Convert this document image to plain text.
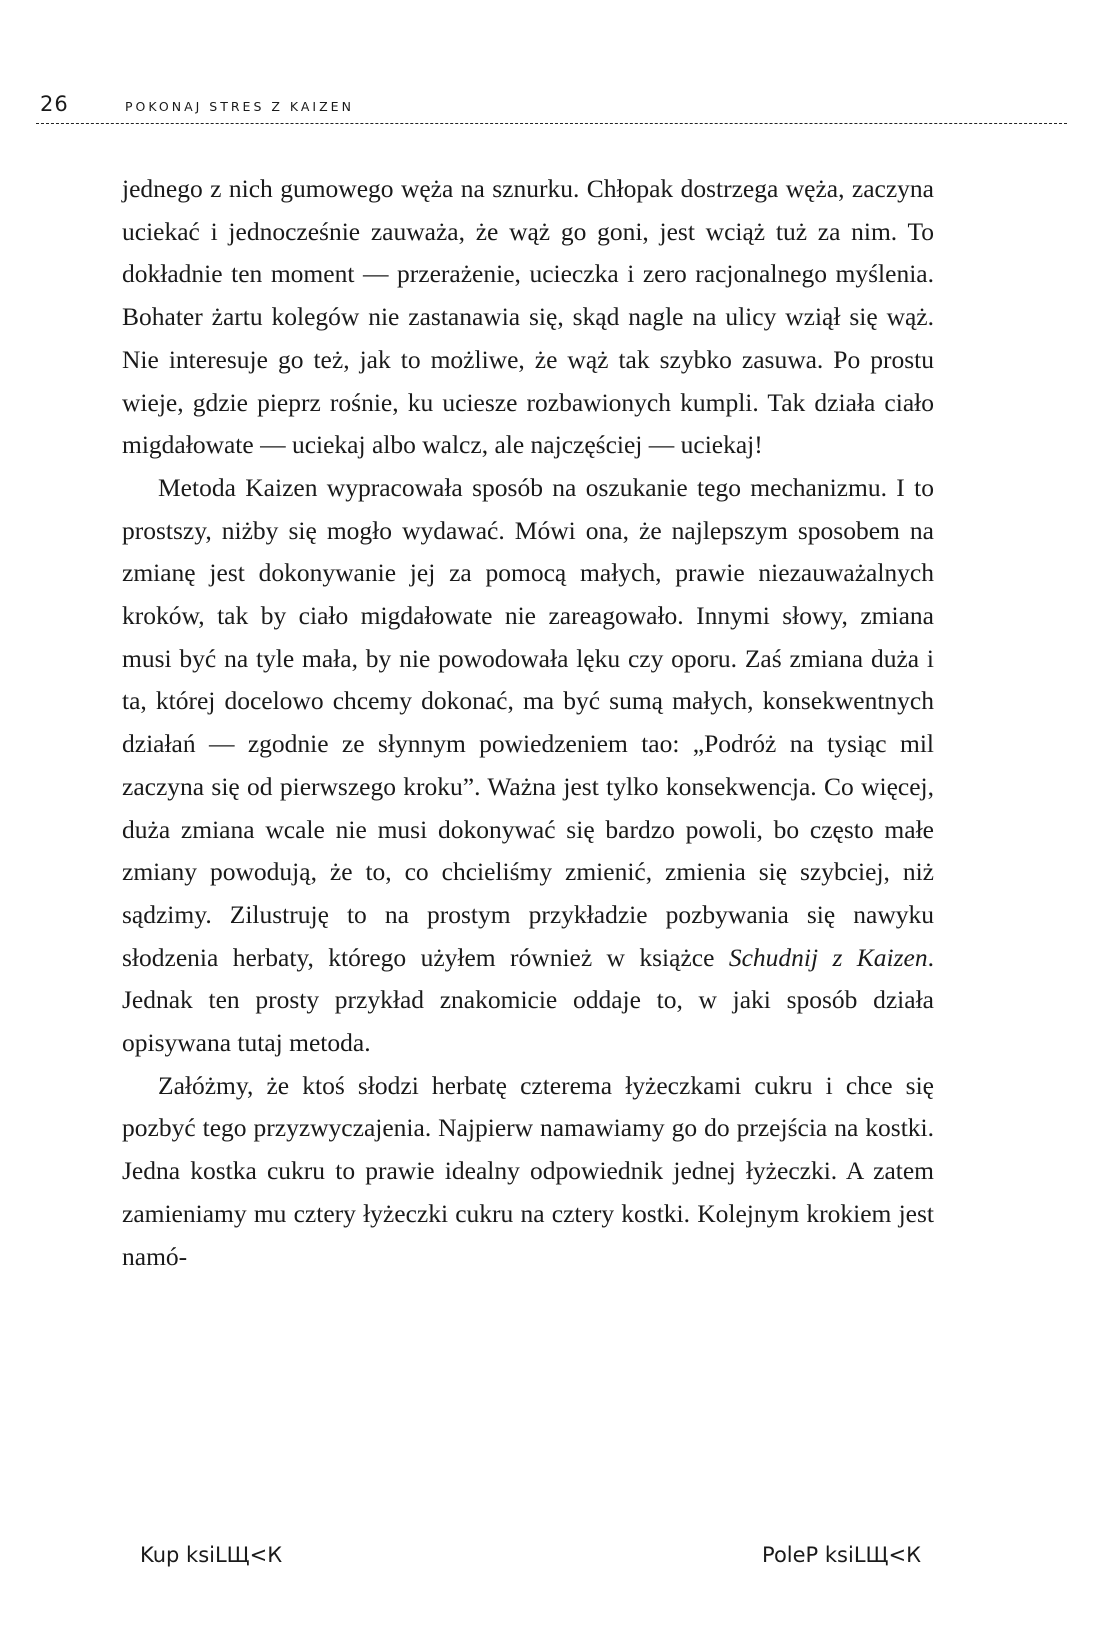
26	POKONAJ STRES Z KAIZEN

jednego z nich gumowego węża na sznurku. Chłopak dostrzega węża, zaczyna uciekać i jednocześnie zauważa, że wąż go goni, jest wciąż tuż za nim. To dokładnie ten moment — przerażenie, ucieczka i zero racjonalnego myślenia. Bohater żartu kolegów nie zastanawia się, skąd nagle na ulicy wziął się wąż. Nie interesuje go też, jak to możliwe, że wąż tak szybko zasuwa. Po prostu wieje, gdzie pieprz rośnie, ku uciesze rozbawionych kumpli. Tak działa ciało migdałowate — uciekaj albo walcz, ale najczęściej — uciekaj!

Metoda Kaizen wypracowała sposób na oszukanie tego mechanizmu. I to prostszy, niżby się mogło wydawać. Mówi ona, że najlepszym sposobem na zmianę jest dokonywanie jej za pomocą małych, prawie niezauważalnych kroków, tak by ciało migdałowate nie zareagowało. Innymi słowy, zmiana musi być na tyle mała, by nie powodowała lęku czy oporu. Zaś zmiana duża i ta, której docelowo chcemy dokonać, ma być sumą małych, konsekwentnych działań — zgodnie ze słynnym powiedzeniem tao: „Podróż na tysiąc mil zaczyna się od pierwszego kroku”. Ważna jest tylko konsekwencja. Co więcej, duża zmiana wcale nie musi dokonywać się bardzo powoli, bo często małe zmiany powodują, że to, co chcieliśmy zmienić, zmienia się szybciej, niż sądzimy. Zilustruję to na prostym przykładzie pozbywania się nawyku słodzenia herbaty, którego użyłem również w książce Schudnij z Kaizen. Jednak ten prosty przykład znakomicie oddaje to, w jaki sposób działa opisywana tutaj metoda.

Załóżmy, że ktoś słodzi herbatę czterema łyżeczkami cukru i chce się pozbyć tego przyzwyczajenia. Najpierw namawiamy go do przejścia na kostki. Jedna kostka cukru to prawie idealny odpowiednik jednej łyżeczki. A zatem zamieniamy mu cztery łyżeczki cukru na cztery kostki. Kolejnym krokiem jest namó-

Kup ksiLЩ<К	PoleР ksiLЩ<К
